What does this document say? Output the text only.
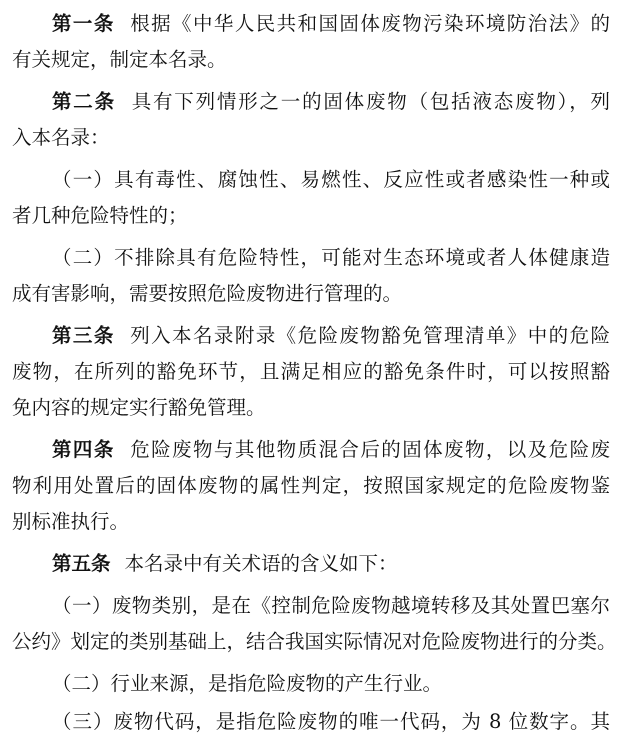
第一条 根据《中华人民共和国固体废物污染环境防治法》的
有关规定，制定本名录。
第二条 具有下列情形之一的固体废物（包括液态废物），列
入本名录：
（一）具有毒性、腐蚀性、易燃性、反应性或者感染性一种或
者几种危险特性的；
（二）不排除具有危险特性，可能对生态环境或者人体健康造
成有害影响，需要按照危险废物进行管理的。
第三条 列入本名录附录《危险废物豁免管理清单》中的危险
废物，在所列的豁免环节，且满足相应的豁免条件时，可以按照豁
免内容的规定实行豁免管理。
第四条 危险废物与其他物质混合后的固体废物，以及危险废
物利用处置后的固体废物的属性判定，按照国家规定的危险废物鉴
别标准执行。
第五条 本名录中有关术语的含义如下：
（一）废物类别，是在《控制危险废物越境转移及其处置巴塞尔
公约》划定的类别基础上，结合我国实际情况对危险废物进行的分类。
（二）行业来源，是指危险废物的产生行业。
（三）废物代码，是指危险废物的唯一代码，为 8 位数字。其
